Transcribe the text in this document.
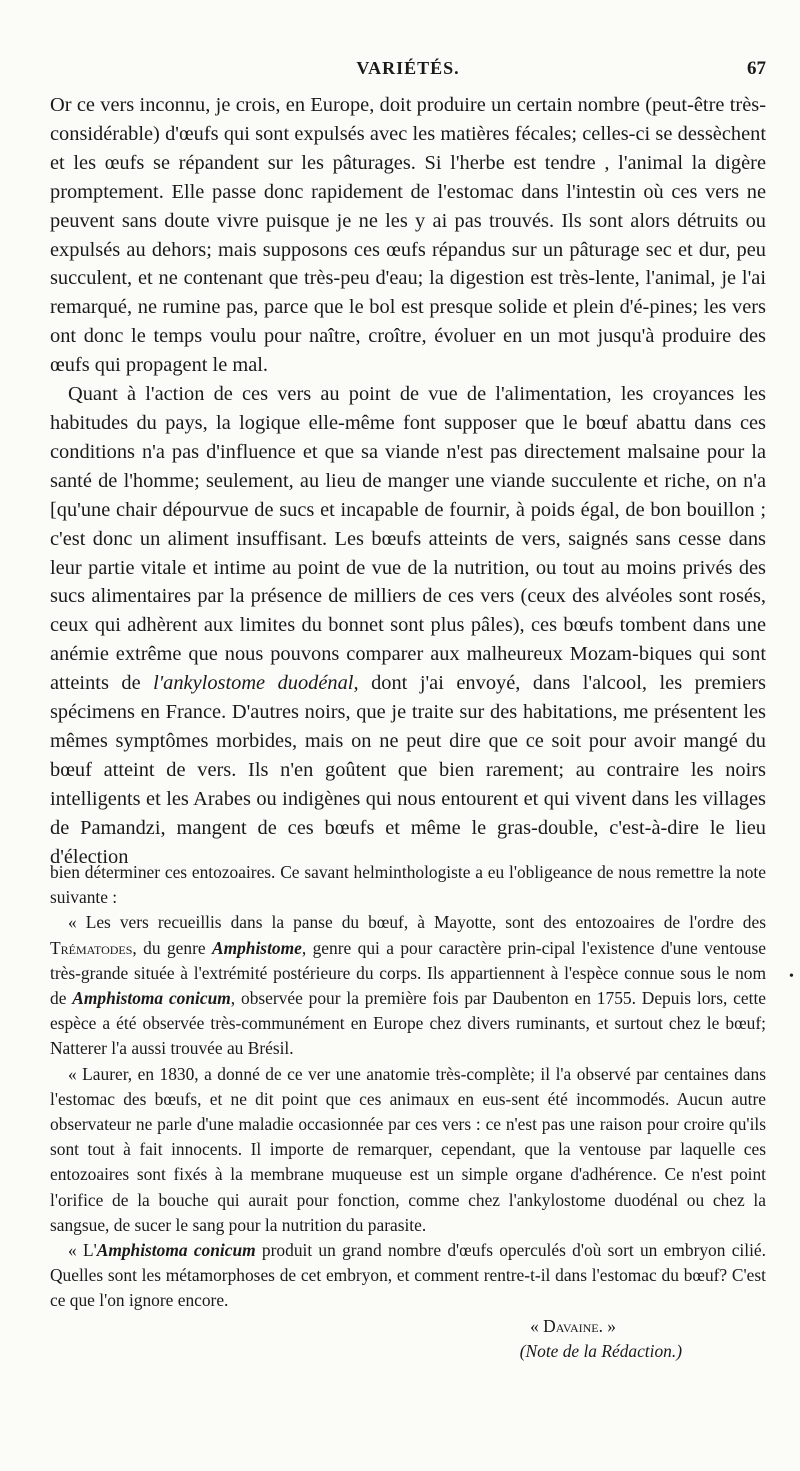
VARIÉTÉS.	67

Or ce vers inconnu, je crois, en Europe, doit produire un certain nombre (peut-être très-considérable) d'œufs qui sont expulsés avec les matières fécales; celles-ci se dessèchent et les œufs se répandent sur les pâturages. Si l'herbe est tendre , l'animal la digère promptement. Elle passe donc rapidement de l'estomac dans l'intestin où ces vers ne peuvent sans doute vivre puisque je ne les y ai pas trouvés. Ils sont alors détruits ou expulsés au dehors; mais supposons ces œufs répandus sur un pâturage sec et dur, peu succulent, et ne contenant que très-peu d'eau; la digestion est très-lente, l'animal, je l'ai remarqué, ne rumine pas, parce que le bol est presque solide et plein d'é-pines; les vers ont donc le temps voulu pour naître, croître, évoluer en un mot jusqu'à produire des œufs qui propagent le mal.

Quant à l'action de ces vers au point de vue de l'alimentation, les croyances les habitudes du pays, la logique elle-même font supposer que le bœuf abattu dans ces conditions n'a pas d'influence et que sa viande n'est pas directement malsaine pour la santé de l'homme; seulement, au lieu de manger une viande succulente et riche, on n'a [qu'une chair dépourvue de sucs et incapable de fournir, à poids égal, de bon bouillon ; c'est donc un aliment insuffisant. Les bœufs atteints de vers, saignés sans cesse dans leur partie vitale et intime au point de vue de la nutrition, ou tout au moins privés des sucs alimentaires par la présence de milliers de ces vers (ceux des alvéoles sont rosés, ceux qui adhèrent aux limites du bonnet sont plus pâles), ces bœufs tombent dans une anémie extrême que nous pouvons comparer aux malheureux Mozam-biques qui sont atteints de l'ankylostome duodénal, dont j'ai envoyé, dans l'alcool, les premiers spécimens en France. D'autres noirs, que je traite sur des habitations, me présentent les mêmes symptômes morbides, mais on ne peut dire que ce soit pour avoir mangé du bœuf atteint de vers. Ils n'en goûtent que bien rarement; au contraire les noirs intelligents et les Arabes ou indigènes qui nous entourent et qui vivent dans les villages de Pamandzi, mangent de ces bœufs et même le gras-double, c'est-à-dire le lieu d'élection

bien déterminer ces entozoaires. Ce savant helminthologiste a eu l'obligeance de nous remettre la note suivante :

« Les vers recueillis dans la panse du bœuf, à Mayotte, sont des entozoaires de l'ordre des Trématodes, du genre Amphistome, genre qui a pour caractère prin-cipal l'existence d'une ventouse très-grande située à l'extrémité postérieure du corps. Ils appartiennent à l'espèce connue sous le nom de Amphistoma conicum, observée pour la première fois par Daubenton en 1755. Depuis lors, cette espèce a été observée très-communément en Europe chez divers ruminants, et surtout chez le bœuf; Natterer l'a aussi trouvée au Brésil.

« Laurer, en 1830, a donné de ce ver une anatomie très-complète; il l'a observé par centaines dans l'estomac des bœufs, et ne dit point que ces animaux en eus-sent été incommodés. Aucun autre observateur ne parle d'une maladie occasionnée par ces vers : ce n'est pas une raison pour croire qu'ils sont tout à fait innocents. Il importe de remarquer, cependant, que la ventouse par laquelle ces entozoaires sont fixés à la membrane muqueuse est un simple organe d'adhérence. Ce n'est point l'orifice de la bouche qui aurait pour fonction, comme chez l'ankylostome duodénal ou chez la sangsue, de sucer le sang pour la nutrition du parasite.

« L'Amphistoma conicum produit un grand nombre d'œufs operculés d'où sort un embryon cilié. Quelles sont les métamorphoses de cet embryon, et comment rentre-t-il dans l'estomac du bœuf? C'est ce que l'on ignore encore.

« Davaine. »
(Note de la Rédaction.)
•
